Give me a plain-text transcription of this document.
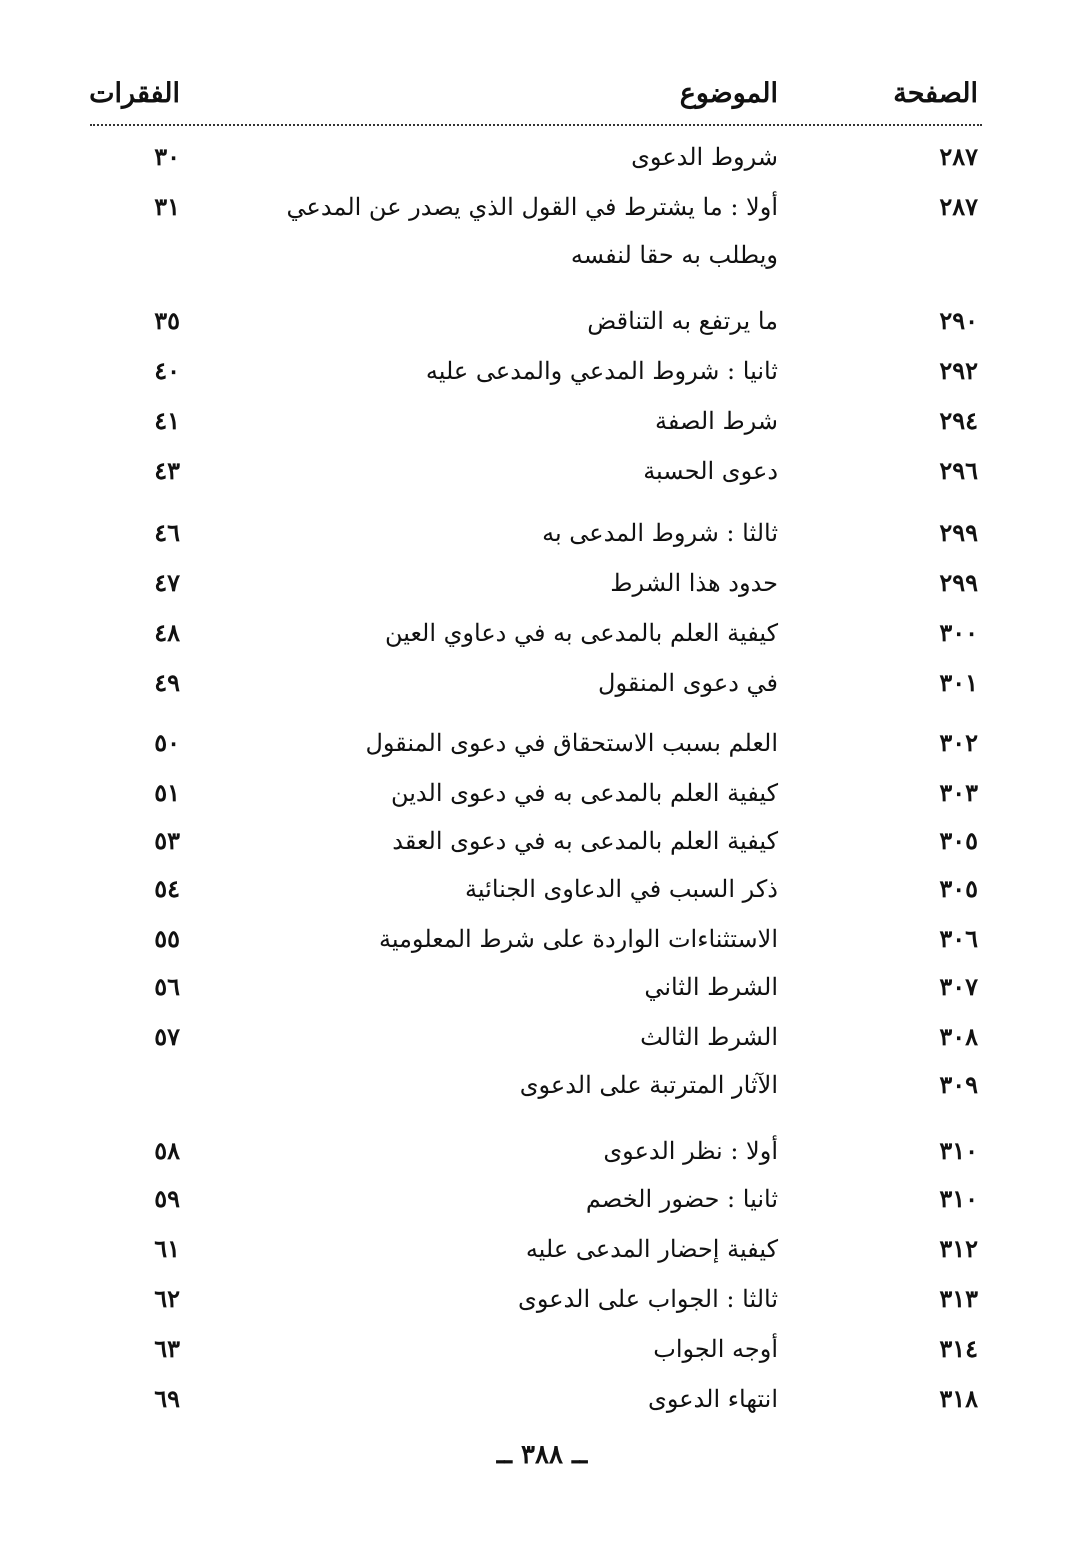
الصفحة
الموضوع
الفقرات
٢٨٧
شروط الدعوى
٣٠
٢٨٧
أولا : ما يشترط في القول الذي يصدر عن المدعي
٣١
ويطلب به حقا لنفسه
٢٩٠
ما يرتفع به التناقض
٣٥
٢٩٢
ثانيا : شروط المدعي والمدعى عليه
٤٠
٢٩٤
شرط الصفة
٤١
٢٩٦
دعوى الحسبة
٤٣
٢٩٩
ثالثا : شروط المدعى به
٤٦
٢٩٩
حدود هذا الشرط
٤٧
٣٠٠
كيفية العلم بالمدعى به في دعاوي العين
٤٨
٣٠١
في دعوى المنقول
٤٩
٣٠٢
العلم بسبب الاستحقاق في دعوى المنقول
٥٠
٣٠٣
كيفية العلم بالمدعى به في دعوى الدين
٥١
٣٠٥
كيفية العلم بالمدعى به في دعوى العقد
٥٣
٣٠٥
ذكر السبب في الدعاوى الجنائية
٥٤
٣٠٦
الاستثناءات الواردة على شرط المعلومية
٥٥
٣٠٧
الشرط الثاني
٥٦
٣٠٨
الشرط الثالث
٥٧
٣٠٩
الآثار المترتبة على الدعوى
٣١٠
أولا : نظر الدعوى
٥٨
٣١٠
ثانيا : حضور الخصم
٥٩
٣١٢
كيفية إحضار المدعى عليه
٦١
٣١٣
ثالثا : الجواب على الدعوى
٦٢
٣١٤
أوجه الجواب
٦٣
٣١٨
انتهاء الدعوى
٦٩
ــ ٣٨٨ ــ
